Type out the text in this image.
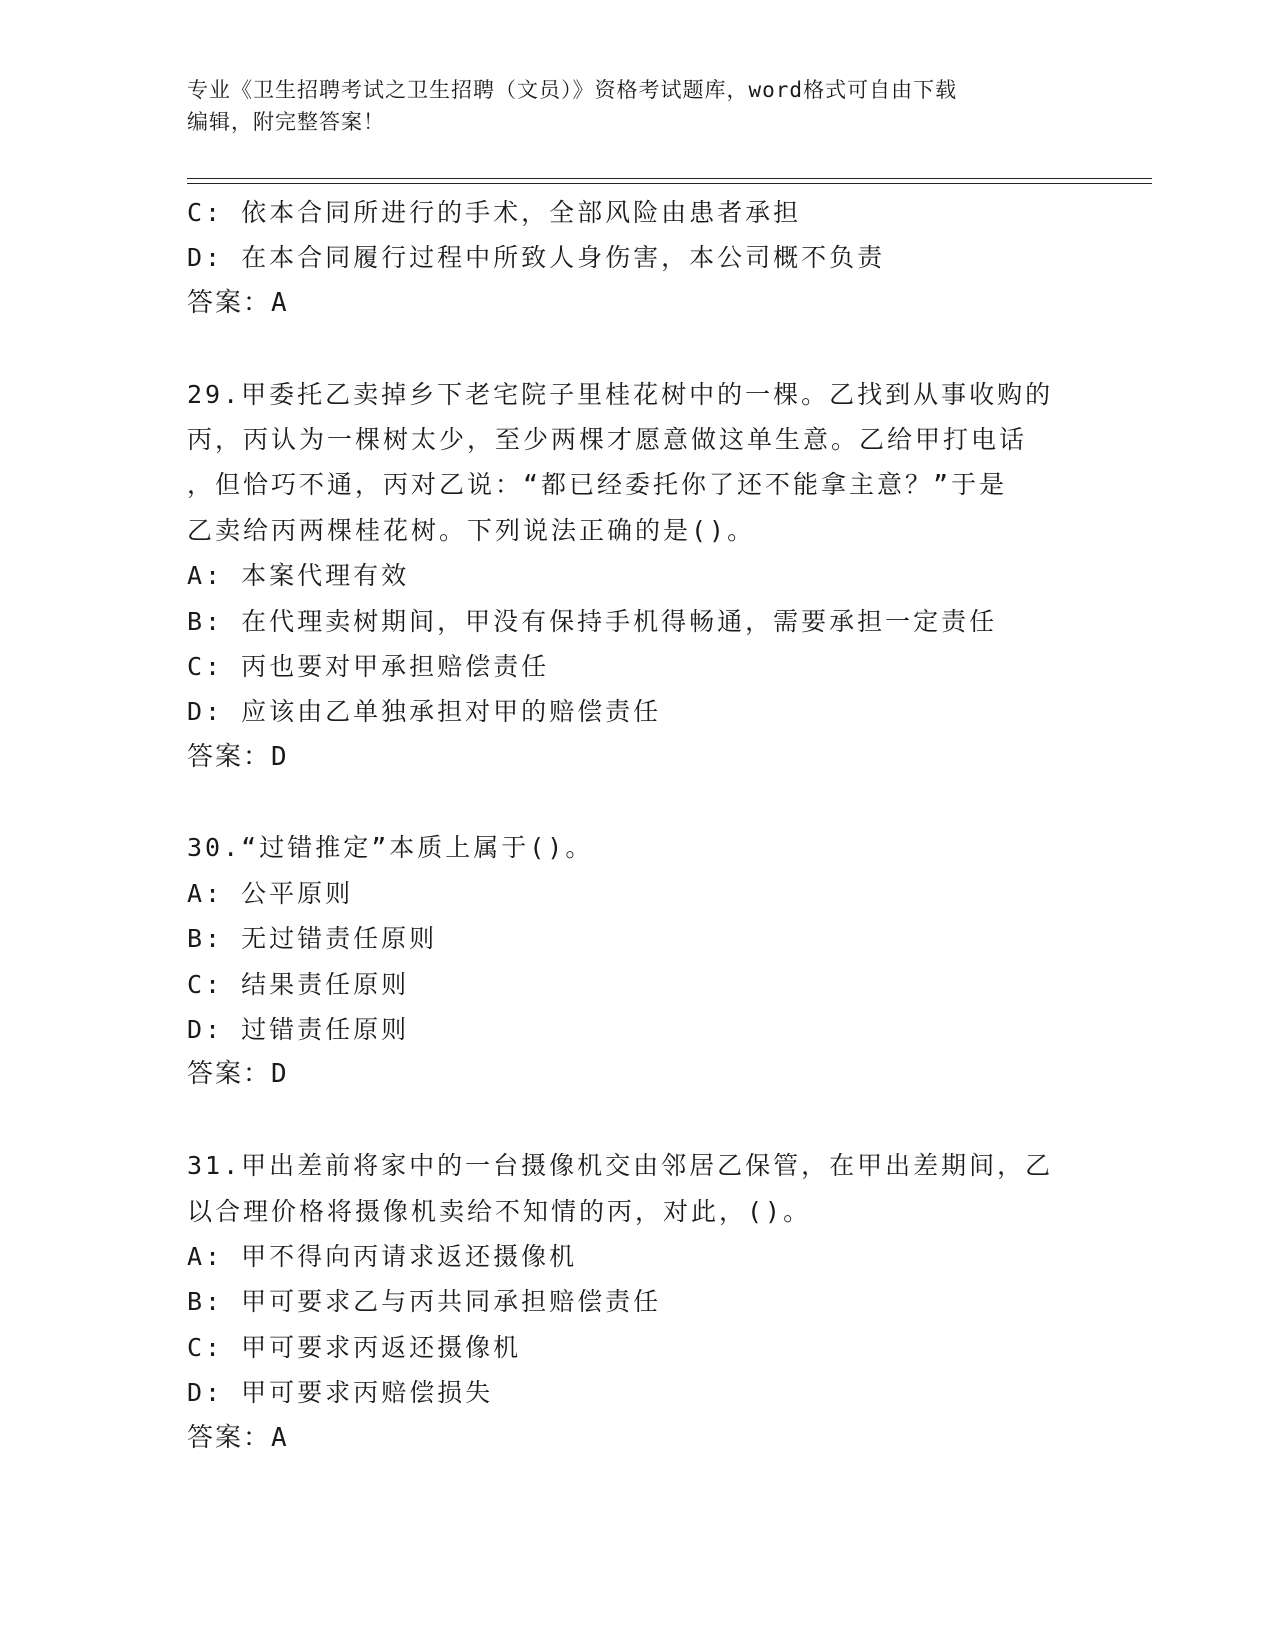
专业《卫生招聘考试之卫生招聘（文员）》资格考试题库，word格式可自由下载
编辑，附完整答案！
C: 依本合同所进行的手术，全部风险由患者承担
D: 在本合同履行过程中所致人身伤害，本公司概不负责
答案：A
29.甲委托乙卖掉乡下老宅院子里桂花树中的一棵。乙找到从事收购的
丙，丙认为一棵树太少，至少两棵才愿意做这单生意。乙给甲打电话
，但恰巧不通，丙对乙说：“都已经委托你了还不能拿主意？”于是
乙卖给丙两棵桂花树。下列说法正确的是()。
A: 本案代理有效
B: 在代理卖树期间，甲没有保持手机得畅通，需要承担一定责任
C: 丙也要对甲承担赔偿责任
D: 应该由乙单独承担对甲的赔偿责任
答案：D
30.“过错推定”本质上属于()。
A: 公平原则
B: 无过错责任原则
C: 结果责任原则
D: 过错责任原则
答案：D
31.甲出差前将家中的一台摄像机交由邻居乙保管，在甲出差期间，乙
以合理价格将摄像机卖给不知情的丙，对此，()。
A: 甲不得向丙请求返还摄像机
B: 甲可要求乙与丙共同承担赔偿责任
C: 甲可要求丙返还摄像机
D: 甲可要求丙赔偿损失
答案：A
